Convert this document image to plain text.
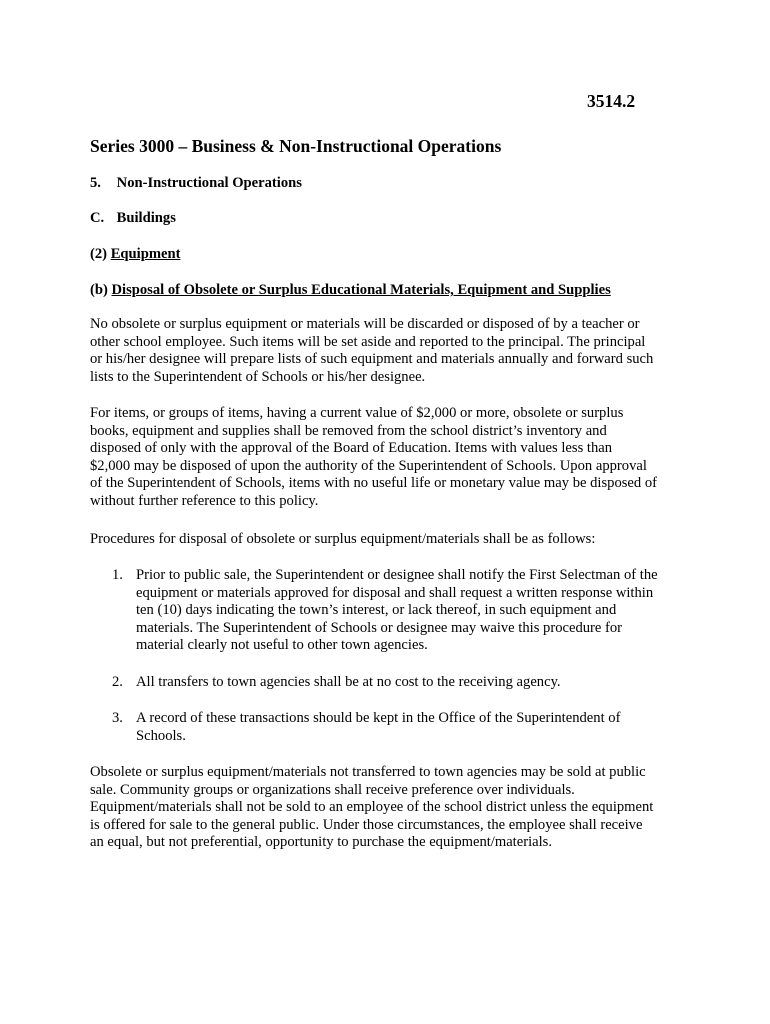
3514.2
Series 3000 – Business & Non-Instructional Operations
5. Non-Instructional Operations
C. Buildings
(2) Equipment
(b) Disposal of Obsolete or Surplus Educational Materials, Equipment and Supplies
No obsolete or surplus equipment or materials will be discarded or disposed of by a teacher or
other school employee. Such items will be set aside and reported to the principal. The principal
or his/her designee will prepare lists of such equipment and materials annually and forward such
lists to the Superintendent of Schools or his/her designee.
For items, or groups of items, having a current value of $2,000 or more, obsolete or surplus
books, equipment and supplies shall be removed from the school district’s inventory and
disposed of only with the approval of the Board of Education. Items with values less than
$2,000 may be disposed of upon the authority of the Superintendent of Schools. Upon approval
of the Superintendent of Schools, items with no useful life or monetary value may be disposed of
without further reference to this policy.
Procedures for disposal of obsolete or surplus equipment/materials shall be as follows:
1. Prior to public sale, the Superintendent or designee shall notify the First Selectman of the
equipment or materials approved for disposal and shall request a written response within
ten (10) days indicating the town’s interest, or lack thereof, in such equipment and
materials. The Superintendent of Schools or designee may waive this procedure for
material clearly not useful to other town agencies.
2. All transfers to town agencies shall be at no cost to the receiving agency.
3. A record of these transactions should be kept in the Office of the Superintendent of
Schools.
Obsolete or surplus equipment/materials not transferred to town agencies may be sold at public
sale. Community groups or organizations shall receive preference over individuals.
Equipment/materials shall not be sold to an employee of the school district unless the equipment
is offered for sale to the general public. Under those circumstances, the employee shall receive
an equal, but not preferential, opportunity to purchase the equipment/materials.
